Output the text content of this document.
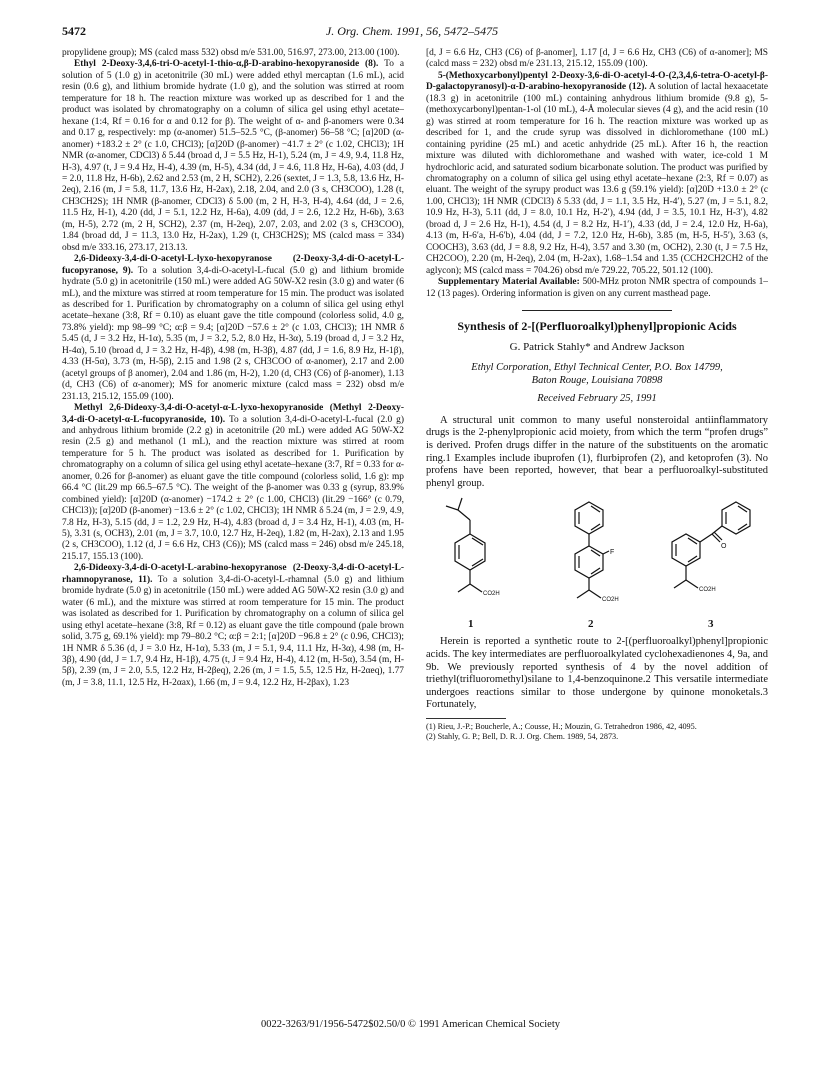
5472	J. Org. Chem. 1991, 56, 5472–5475

propylidene group); MS (calcd mass 532) obsd m/e 531.00, 516.97, 273.00, 213.00 (100).

Ethyl 2-Deoxy-3,4,6-tri-O-acetyl-1-thio-α,β-D-arabino-hexopyranoside (8). To a solution of 5 (1.0 g) in acetonitrile (30 mL) were added ethyl mercaptan (1.6 mL), acid resin (0.6 g), and lithium bromide hydrate (1.0 g), and the solution was stirred at room temperature for 18 h. The reaction mixture was worked up as described for 1 and the product was isolated by chromatography on a column of silica gel using ethyl acetate–hexane (1:4, Rf = 0.16 for α and 0.12 for β). The weight of α- and β-anomers were 0.34 and 0.17 g, respectively: mp (α-anomer) 51.5–52.5 °C, (β-anomer) 56–58 °C; [α]20D (α-anomer) +183.2 ± 2° (c 1.0, CHCl3); [α]20D (β-anomer) −41.7 ± 2° (c 1.02, CHCl3); 1H NMR (α-anomer, CDCl3) δ 5.44 (broad d, J = 5.5 Hz, H-1), 5.24 (m, J = 4.9, 9.4, 11.8 Hz, H-3), 4.97 (t, J = 9.4 Hz, H-4), 4.39 (m, H-5), 4.34 (dd, J = 4.6, 11.8 Hz, H-6a), 4.03 (dd, J = 2.0, 11.8 Hz, H-6b), 2.62 and 2.53 (m, 2 H, SCH2), 2.26 (sextet, J = 1.3, 5.8, 13.6 Hz, H-2eq), 2.16 (m, J = 5.8, 11.7, 13.6 Hz, H-2ax), 2.18, 2.04, and 2.0 (3 s, CH3COO), 1.28 (t, CH3CH2S); 1H NMR (β-anomer, CDCl3) δ 5.00 (m, 2 H, H-3, H-4), 4.64 (dd, J = 2.6, 11.5 Hz, H-1), 4.20 (dd, J = 5.1, 12.2 Hz, H-6a), 4.09 (dd, J = 2.6, 12.2 Hz, H-6b), 3.63 (m, H-5), 2.72 (m, 2 H, SCH2), 2.37 (m, H-2eq), 2.07, 2.03, and 2.02 (3 s, CH3COO), 1.84 (broad dd, J = 11.3, 13.0 Hz, H-2ax), 1.29 (t, CH3CH2S); MS (calcd mass = 334) obsd m/e 333.16, 273.17, 213.13.

2,6-Dideoxy-3,4-di-O-acetyl-L-lyxo-hexopyranose (2-Deoxy-3,4-di-O-acetyl-L-fucopyranose, 9). To a solution 3,4-di-O-acetyl-L-fucal (5.0 g) and lithium bromide hydrate (5.0 g) in acetonitrile (150 mL) were added AG 50W-X2 resin (3.0 g) and water (6 mL), and the mixture was stirred at room temperature for 15 min. The product was isolated as described for 1. Purification by chromatography on a column of silica gel using ethyl acetate–hexane (3:8, Rf = 0.10) as eluant gave the title compound (colorless solid, 4.0 g, 73.8% yield): mp 98–99 °C; α:β = 9.4; [α]20D −57.6 ± 2° (c 1.03, CHCl3); 1H NMR δ 5.45 (d, J = 3.2 Hz, H-1α), 5.35 (m, J = 3.2, 5.2, 8.0 Hz, H-3α), 5.19 (broad d, J = 3.2 Hz, H-4α), 5.10 (broad d, J = 3.2 Hz, H-4β), 4.98 (m, H-3β), 4.87 (dd, J = 1.6, 8.9 Hz, H-1β), 4.33 (H-5α), 3.73 (m, H-5β), 2.15 and 1.98 (2 s, CH3COO of α-anomer), 2.17 and 2.00 (acetyl groups of β anomer), 2.04 and 1.86 (m, H-2), 1.20 (d, CH3 (C6) of β-anomer), 1.13 (d, CH3 (C6) of α-anomer); MS for anomeric mixture (calcd mass = 232) obsd m/e 231.13, 215.12, 155.09 (100).

Methyl 2,6-Dideoxy-3,4-di-O-acetyl-α-L-lyxo-hexopyranoside (Methyl 2-Deoxy-3,4-di-O-acetyl-α-L-fucopyranoside, 10). To a solution 3,4-di-O-acetyl-L-fucal (2.0 g) and anhydrous lithium bromide (2.2 g) in acetonitrile (20 mL) were added AG 50W-X2 resin (2.5 g) and methanol (1 mL), and the reaction mixture was stirred at room temperature for 5 h. The product was isolated as described for 1. Purification by chromatography on a column of silica gel using ethyl acetate–hexane (3:7, Rf = 0.33 for α-anomer, 0.26 for β-anomer) as eluant gave the title compound (colorless solid, 1.6 g): mp 66.4 °C (lit.29 mp 66.5–67.5 °C). The weight of the β-anomer was 0.33 g (syrup, 83.9% combined yield): [α]20D (α-anomer) −174.2 ± 2° (c 1.00, CHCl3) (lit.29 −166° (c 0.79, CHCl3)); [α]20D (β-anomer) −13.6 ± 2° (c 1.02, CHCl3); 1H NMR δ 5.24 (m, J = 2.9, 4.9, 7.8 Hz, H-3), 5.15 (dd, J = 1.2, 2.9 Hz, H-4), 4.83 (broad d, J = 3.4 Hz, H-1), 4.03 (m, H-5), 3.31 (s, OCH3), 2.01 (m, J = 3.7, 10.0, 12.7 Hz, H-2eq), 1.82 (m, H-2ax), 2.13 and 1.95 (2 s, CH3COO), 1.12 (d, J = 6.6 Hz, CH3 (C6)); MS (calcd mass = 246) obsd m/e 245.18, 215.17, 155.13 (100).

2,6-Dideoxy-3,4-di-O-acetyl-L-arabino-hexopyranose (2-Deoxy-3,4-di-O-acetyl-L-rhamnopyranose, 11). To a solution 3,4-di-O-acetyl-L-rhamnal (5.0 g) and lithium bromide hydrate (5.0 g) in acetonitrile (150 mL) were added AG 50W-X2 resin (3.0 g) and water (6 mL), and the mixture was stirred at room temperature for 15 min. The product was isolated as described for 1. Purification by chromatography on a column of silica gel using ethyl acetate–hexane (3:8, Rf = 0.12) as eluant gave the title compound (pale brown solid, 3.75 g, 69.1% yield): mp 79–80.2 °C; α:β = 2:1; [α]20D −96.8 ± 2° (c 0.96, CHCl3); 1H NMR δ 5.36 (d, J = 3.0 Hz, H-1α), 5.33 (m, J = 5.1, 9.4, 11.1 Hz, H-3α), 4.98 (m, H-3β), 4.90 (dd, J = 1.7, 9.4 Hz, H-1β), 4.75 (t, J = 9.4 Hz, H-4), 4.12 (m, H-5α), 3.54 (m, H-5β), 2.39 (m, J = 2.0, 5.5, 12.2 Hz, H-2βeq), 2.26 (m, J = 1.5, 5.5, 12.5 Hz, H-2αeq), 1.77 (m, J = 3.8, 11.1, 12.5 Hz, H-2αax), 1.66 (m, J = 9.4, 12.2 Hz, H-2βax), 1.23

[d, J = 6.6 Hz, CH3 (C6) of β-anomer], 1.17 [d, J = 6.6 Hz, CH3 (C6) of α-anomer]; MS (calcd mass = 232) obsd m/e 231.13, 215.12, 155.09 (100).

5-(Methoxycarbonyl)pentyl 2-Deoxy-3,6-di-O-acetyl-4-O-(2,3,4,6-tetra-O-acetyl-β-D-galactopyranosyl)-α-D-arabino-hexopyranoside (12). A solution of lactal hexaacetate (18.3 g) in acetonitrile (100 mL) containing anhydrous lithium bromide (9.8 g), 5-(methoxycarbonyl)pentan-1-ol (10 mL), 4-Å molecular sieves (4 g), and the acid resin (10 g) was stirred at room temperature for 16 h. The reaction mixture was worked up as described for 1, and the crude syrup was dissolved in dichloromethane (100 mL) containing pyridine (25 mL) and acetic anhydride (25 mL). After 16 h, the reaction mixture was diluted with dichloromethane and washed with water, ice-cold 1 M hydrochloric acid, and saturated sodium bicarbonate solution. The product was purified by chromatography on a column of silica gel using ethyl acetate–hexane (2:3, Rf = 0.07) as eluant. The weight of the syrupy product was 13.6 g (59.1% yield): [α]20D +13.0 ± 2° (c 1.00, CHCl3); 1H NMR (CDCl3) δ 5.33 (dd, J = 1.1, 3.5 Hz, H-4′), 5.27 (m, J = 5.1, 8.2, 10.9 Hz, H-3), 5.11 (dd, J = 8.0, 10.1 Hz, H-2′), 4.94 (dd, J = 3.5, 10.1 Hz, H-3′), 4.82 (broad d, J = 2.6 Hz, H-1), 4.54 (d, J = 8.2 Hz, H-1′), 4.33 (dd, J = 2.4, 12.0 Hz, H-6a), 4.13 (m, H-6′a, H-6′b), 4.04 (dd, J = 7.2, 12.0 Hz, H-6b), 3.85 (m, H-5, H-5′), 3.63 (s, COOCH3), 3.63 (dd, J = 8.8, 9.2 Hz, H-4), 3.57 and 3.30 (m, OCH2), 2.30 (t, J = 7.5 Hz, CH2COO), 2.20 (m, H-2eq), 2.04 (m, H-2ax), 1.68–1.54 and 1.35 (CCH2CH2CH2 of the aglycon); MS (calcd mass = 704.26) obsd m/e 729.22, 705.22, 501.12 (100).

Supplementary Material Available: 500-MHz proton NMR spectra of compounds 1–12 (13 pages). Ordering information is given on any current masthead page.

Synthesis of 2-[(Perfluoroalkyl)phenyl]propionic Acids
G. Patrick Stahly* and Andrew Jackson
Ethyl Corporation, Ethyl Technical Center, P.O. Box 14799,
Baton Rouge, Louisiana 70898
Received February 25, 1991

A structural unit common to many useful nonsteroidal antiinflammatory drugs is the 2-phenylpropionic acid moiety, from which the term “profen drugs” is derived. Profen drugs differ in the nature of the substituents on the aromatic ring.1 Examples include ibuprofen (1), flurbiprofen (2), and ketoprofen (3). No profens have been reported, however, that bear a perfluoroalkyl-substituted phenyl group.

CO2H
F
CO2H
O
CO2H
1	2	3

Herein is reported a synthetic route to 2-[(perfluoroalkyl)phenyl]propionic acids. The key intermediates are perfluoroalkylated cyclohexadienones 4, 9a, and 9b. We previously reported synthesis of 4 by the novel addition of triethyl(trifluoromethyl)silane to 1,4-benzoquinone.2 This versatile intermediate undergoes reactions similar to those undergone by quinone monoketals.3 Fortunately,

(1) Rieu, J.-P.; Boucherle, A.; Cousse, H.; Mouzin, G. Tetrahedron 1986, 42, 4095.

(2) Stahly, G. P.; Bell, D. R. J. Org. Chem. 1989, 54, 2873.

0022-3263/91/1956-5472$02.50/0 © 1991 American Chemical Society
